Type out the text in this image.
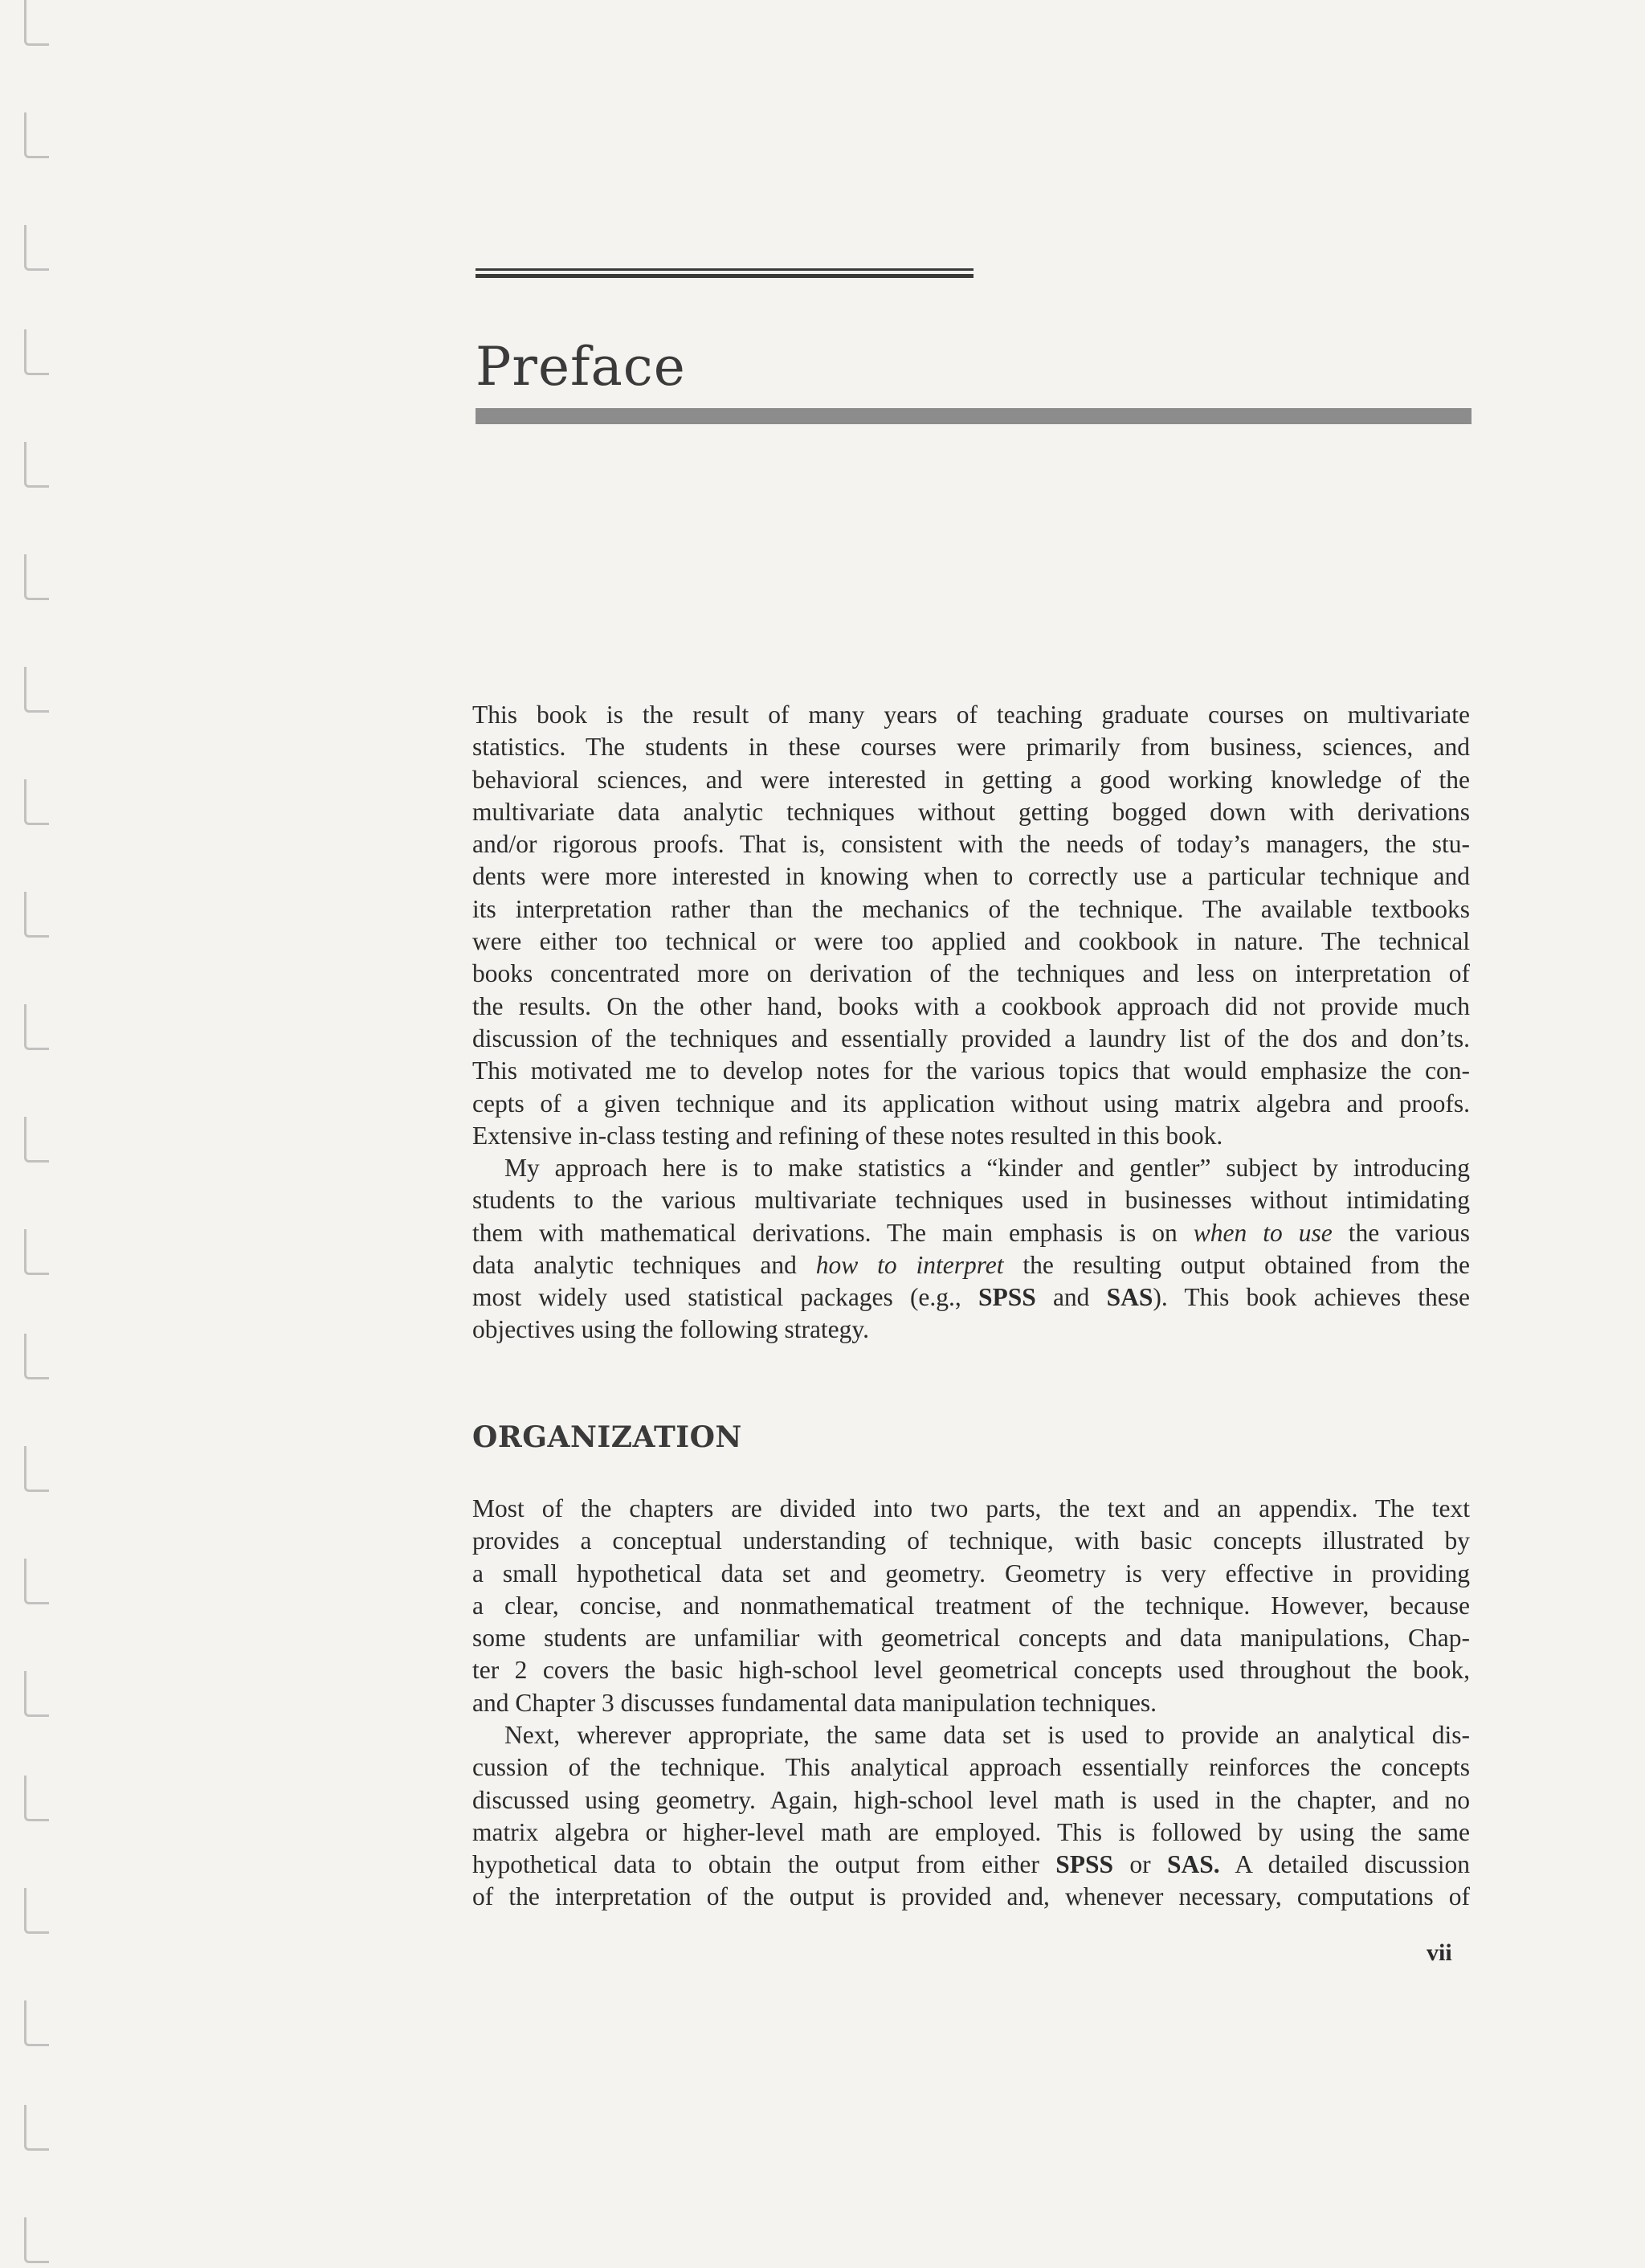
Preface
This book is the result of many years of teaching graduate courses on multivariate
statistics. The students in these courses were primarily from business, sciences, and
behavioral sciences, and were interested in getting a good working knowledge of the
multivariate data analytic techniques without getting bogged down with derivations
and/or rigorous proofs. That is, consistent with the needs of today’s managers, the stu-
dents were more interested in knowing when to correctly use a particular technique and
its interpretation rather than the mechanics of the technique. The available textbooks
were either too technical or were too applied and cookbook in nature. The technical
books concentrated more on derivation of the techniques and less on interpretation of
the results. On the other hand, books with a cookbook approach did not provide much
discussion of the techniques and essentially provided a laundry list of the dos and don’ts.
This motivated me to develop notes for the various topics that would emphasize the con-
cepts of a given technique and its application without using matrix algebra and proofs.
Extensive in-class testing and refining of these notes resulted in this book.
My approach here is to make statistics a “kinder and gentler” subject by introducing
students to the various multivariate techniques used in businesses without intimidating
them with mathematical derivations. The main emphasis is on when to use the various
data analytic techniques and how to interpret the resulting output obtained from the
most widely used statistical packages (e.g., SPSS and SAS). This book achieves these
objectives using the following strategy.
ORGANIZATION
Most of the chapters are divided into two parts, the text and an appendix. The text
provides a conceptual understanding of technique, with basic concepts illustrated by
a small hypothetical data set and geometry. Geometry is very effective in providing
a clear, concise, and nonmathematical treatment of the technique. However, because
some students are unfamiliar with geometrical concepts and data manipulations, Chap-
ter 2 covers the basic high-school level geometrical concepts used throughout the book,
and Chapter 3 discusses fundamental data manipulation techniques.
Next, wherever appropriate, the same data set is used to provide an analytical dis-
cussion of the technique. This analytical approach essentially reinforces the concepts
discussed using geometry. Again, high-school level math is used in the chapter, and no
matrix algebra or higher-level math are employed. This is followed by using the same
hypothetical data to obtain the output from either SPSS or SAS. A detailed discussion
of the interpretation of the output is provided and, whenever necessary, computations of
vii
